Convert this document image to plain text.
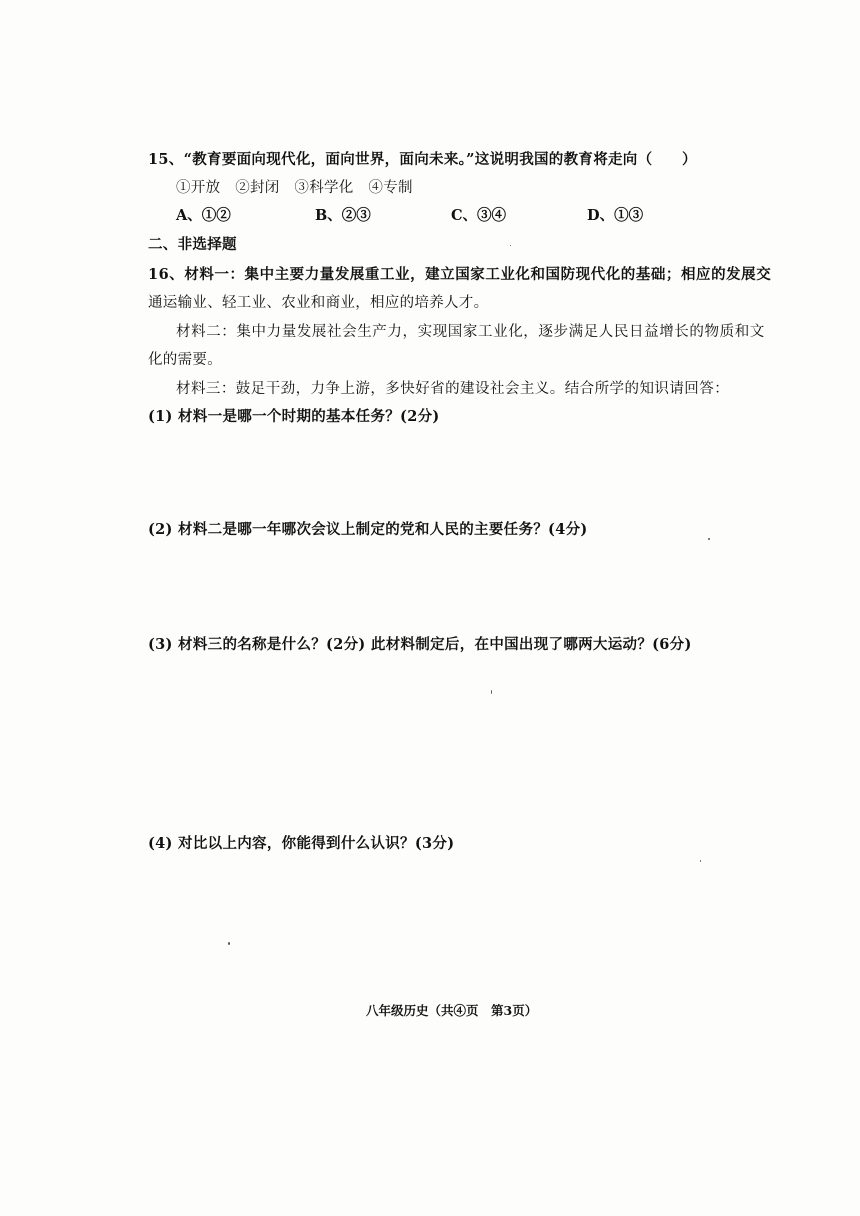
15、“教育要面向现代化，面向世界，面向未来。”这说明我国的教育将走向（　　）
①开放　②封闭　③科学化　④专制
A、①②	B、②③	C、③④	D、①③
二、非选择题
16、材料一：集中主要力量发展重工业，建立国家工业化和国防现代化的基础；相应的发展交
通运输业、轻工业、农业和商业，相应的培养人才。
材料二：集中力量发展社会生产力，实现国家工业化，逐步满足人民日益增长的物质和文
化的需要。
材料三：鼓足干劲，力争上游，多快好省的建设社会主义。结合所学的知识请回答：
(1) 材料一是哪一个时期的基本任务？(2分)
(2) 材料二是哪一年哪次会议上制定的党和人民的主要任务？(4分)
(3) 材料三的名称是什么？(2分) 此材料制定后，在中国出现了哪两大运动？(6分)
(4) 对比以上内容，你能得到什么认识？(3分)
八年级历史（共④页　第3页）
